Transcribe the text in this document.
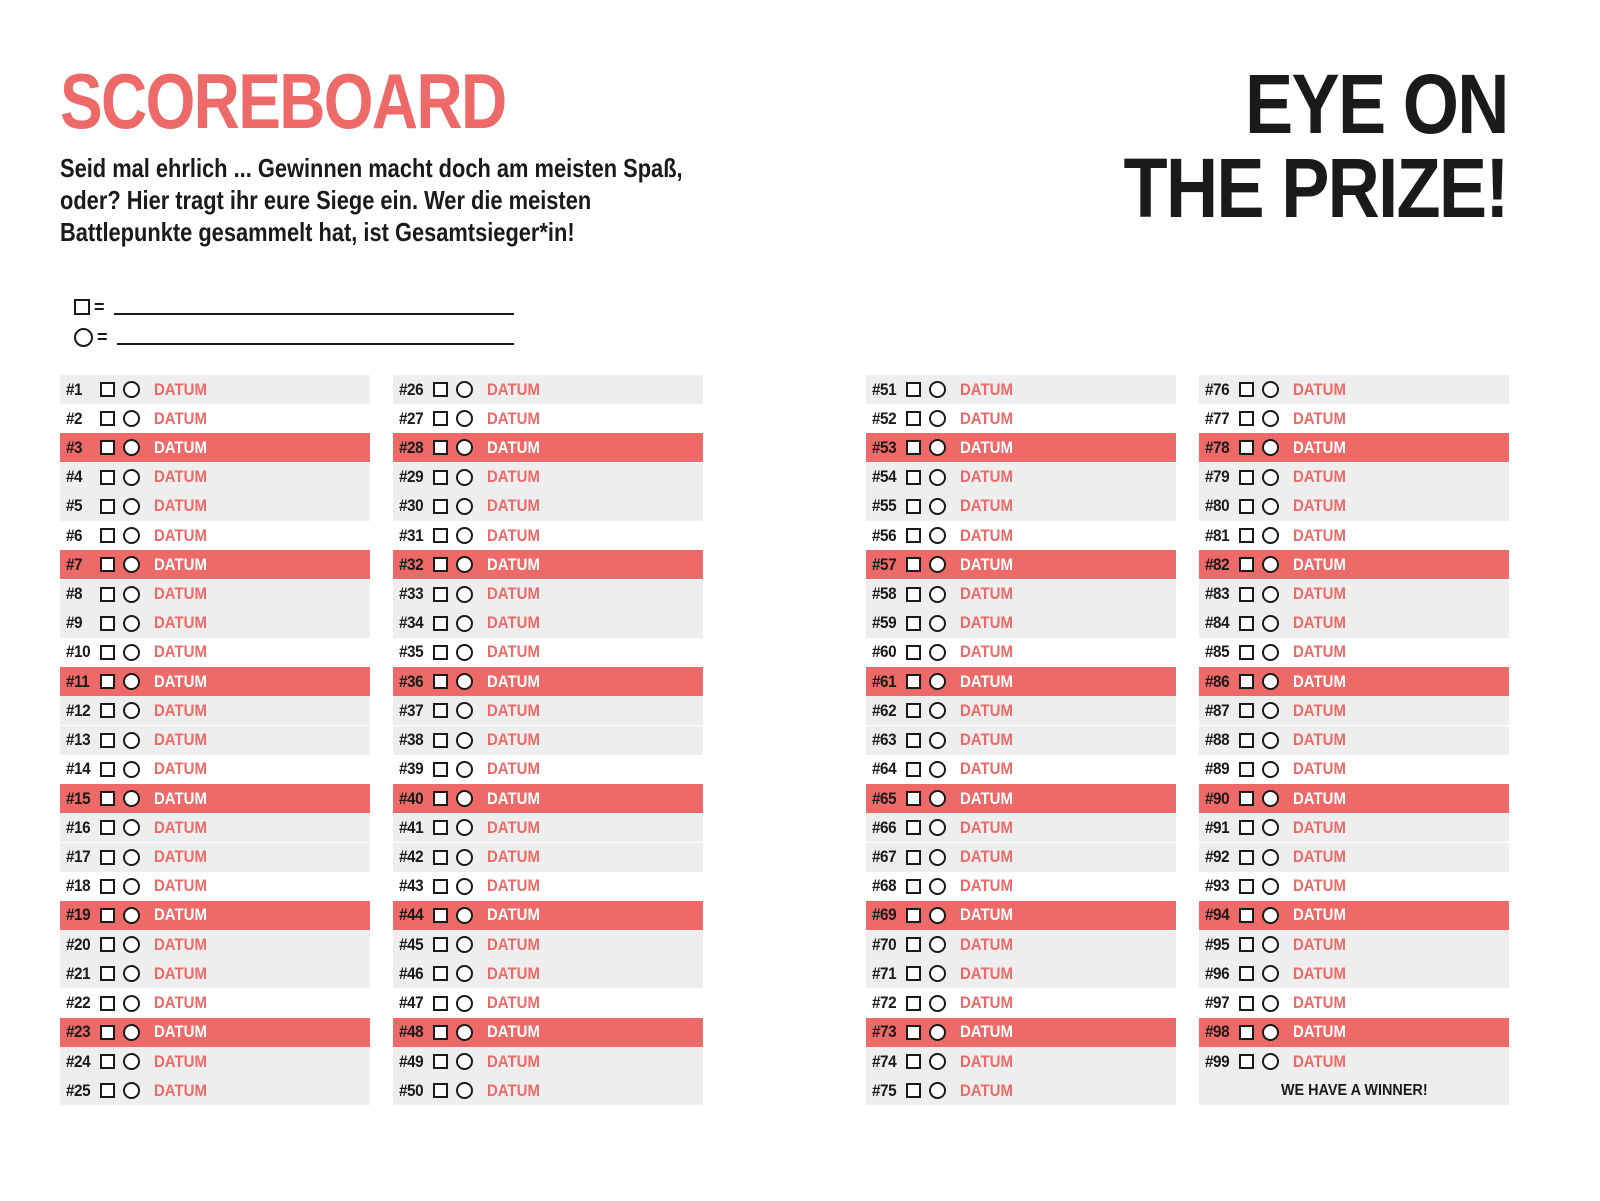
SCOREBOARD

Seid mal ehrlich ... Gewinnen macht doch am meisten Spaß, oder? Hier tragt ihr eure Siege ein. Wer die meisten Battlepunkte gesammelt hat, ist Gesamtsieger*in!

EYE ON
THE PRIZE!
=
=
#1	DATUM
#2	DATUM
#3	DATUM
#4	DATUM
#5	DATUM
#6	DATUM
#7	DATUM
#8	DATUM
#9	DATUM
#10	DATUM
#11	DATUM
#12	DATUM
#13	DATUM
#14	DATUM
#15	DATUM
#16	DATUM
#17	DATUM
#18	DATUM
#19	DATUM
#20	DATUM
#21	DATUM
#22	DATUM
#23	DATUM
#24	DATUM
#25	DATUM
#26	DATUM
#27	DATUM
#28	DATUM
#29	DATUM
#30	DATUM
#31	DATUM
#32	DATUM
#33	DATUM
#34	DATUM
#35	DATUM
#36	DATUM
#37	DATUM
#38	DATUM
#39	DATUM
#40	DATUM
#41	DATUM
#42	DATUM
#43	DATUM
#44	DATUM
#45	DATUM
#46	DATUM
#47	DATUM
#48	DATUM
#49	DATUM
#50	DATUM
#51	DATUM
#52	DATUM
#53	DATUM
#54	DATUM
#55	DATUM
#56	DATUM
#57	DATUM
#58	DATUM
#59	DATUM
#60	DATUM
#61	DATUM
#62	DATUM
#63	DATUM
#64	DATUM
#65	DATUM
#66	DATUM
#67	DATUM
#68	DATUM
#69	DATUM
#70	DATUM
#71	DATUM
#72	DATUM
#73	DATUM
#74	DATUM
#75	DATUM
#76	DATUM
#77	DATUM
#78	DATUM
#79	DATUM
#80	DATUM
#81	DATUM
#82	DATUM
#83	DATUM
#84	DATUM
#85	DATUM
#86	DATUM
#87	DATUM
#88	DATUM
#89	DATUM
#90	DATUM
#91	DATUM
#92	DATUM
#93	DATUM
#94	DATUM
#95	DATUM
#96	DATUM
#97	DATUM
#98	DATUM
#99	DATUM
WE HAVE A WINNER!
